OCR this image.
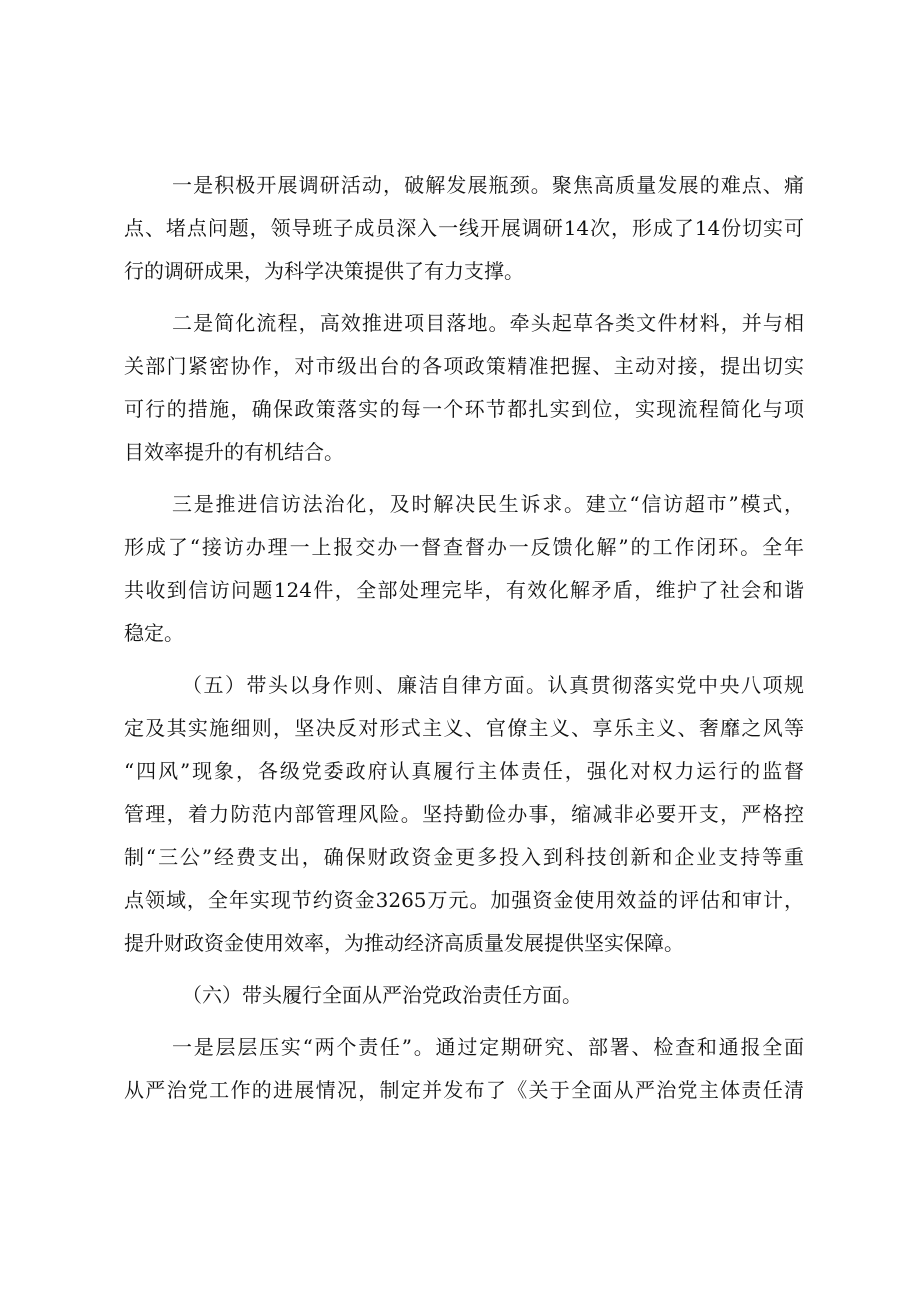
一是积极开展调研活动，破解发展瓶颈。聚焦高质量发展的难点、痛
点、堵点问题，领导班子成员深入一线开展调研14次，形成了14份切实可
行的调研成果，为科学决策提供了有力支撑。
二是简化流程，高效推进项目落地。牵头起草各类文件材料，并与相
关部门紧密协作，对市级出台的各项政策精准把握、主动对接，提出切实
可行的措施，确保政策落实的每一个环节都扎实到位，实现流程简化与项
目效率提升的有机结合。
三是推进信访法治化，及时解决民生诉求。建立“信访超市”模式，
形成了“接访办理一上报交办一督查督办一反馈化解”的工作闭环。全年
共收到信访问题124件，全部处理完毕，有效化解矛盾，维护了社会和谐
稳定。
（五）带头以身作则、廉洁自律方面。认真贯彻落实党中央八项规
定及其实施细则，坚决反对形式主义、官僚主义、享乐主义、奢靡之风等
“四风”现象，各级党委政府认真履行主体责任，强化对权力运行的监督
管理，着力防范内部管理风险。坚持勤俭办事，缩减非必要开支，严格控
制“三公”经费支出，确保财政资金更多投入到科技创新和企业支持等重
点领域，全年实现节约资金3265万元。加强资金使用效益的评估和审计，
提升财政资金使用效率，为推动经济高质量发展提供坚实保障。
（六）带头履行全面从严治党政治责任方面。
一是层层压实“两个责任”。通过定期研究、部署、检查和通报全面
从严治党工作的进展情况，制定并发布了《关于全面从严治党主体责任清
